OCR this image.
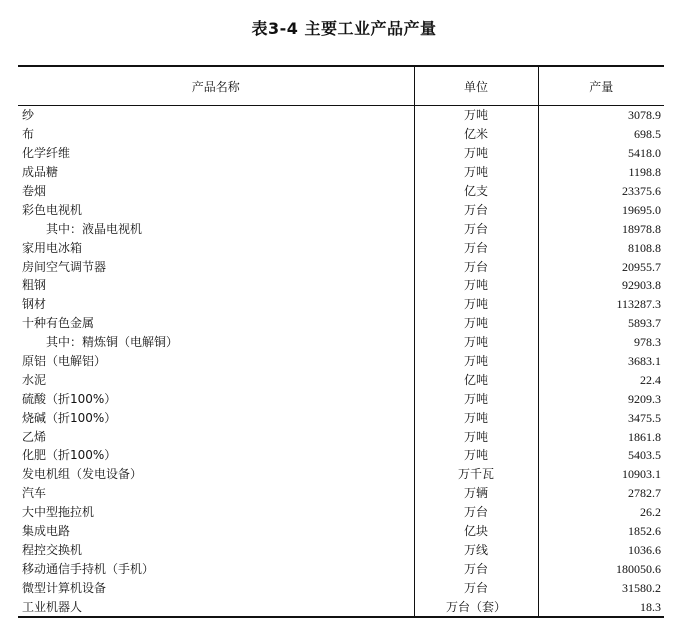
表3-4 主要工业产品产量
产品名称	单位	产量
纱	万吨	3078.9
布	亿米	698.5
化学纤维	万吨	5418.0
成品糖	万吨	1198.8
卷烟	亿支	23375.6
彩色电视机	万台	19695.0
其中：液晶电视机	万台	18978.8
家用电冰箱	万台	8108.8
房间空气调节器	万台	20955.7
粗钢	万吨	92903.8
钢材	万吨	113287.3
十种有色金属	万吨	5893.7
其中：精炼铜（电解铜）	万吨	978.3
原铝（电解铝）	万吨	3683.1
水泥	亿吨	22.4
硫酸（折100%）	万吨	9209.3
烧碱（折100%）	万吨	3475.5
乙烯	万吨	1861.8
化肥（折100%）	万吨	5403.5
发电机组（发电设备）	万千瓦	10903.1
汽车	万辆	2782.7
大中型拖拉机	万台	26.2
集成电路	亿块	1852.6
程控交换机	万线	1036.6
移动通信手持机（手机）	万台	180050.6
微型计算机设备	万台	31580.2
工业机器人	万台（套）	18.3
